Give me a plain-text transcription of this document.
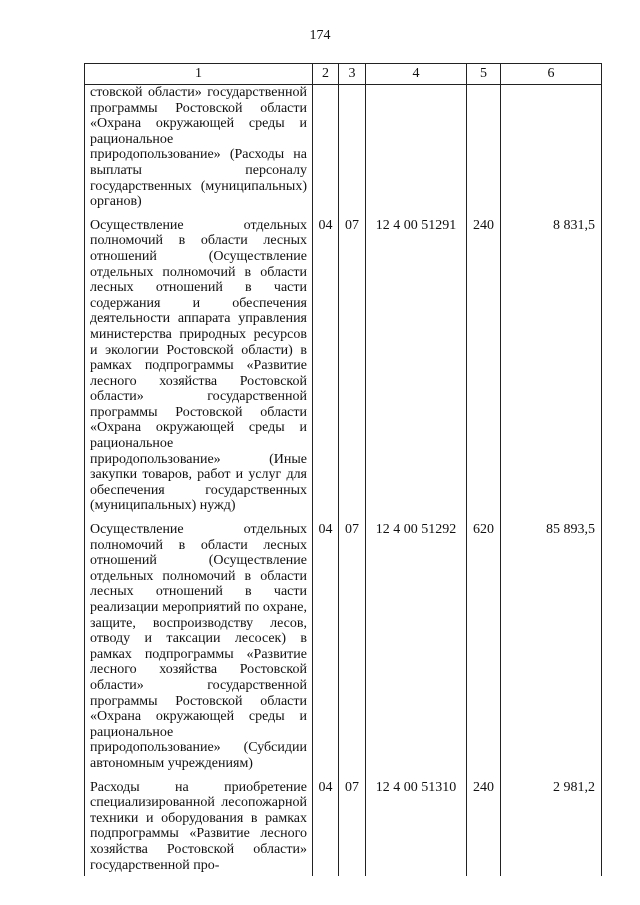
174
1	2	3	4	5	6
стовской области» государственной программы Ростовской области «Охрана окружающей среды и рациональное природопользование» (Расходы на выплаты персоналу государственных (муниципальных) органов)					
Осуществление отдельных полномочий в области лесных отношений (Осуществление отдельных полномочий в области лесных отношений в части содержания и обеспечения деятельности аппарата управления министерства природных ресурсов и экологии Ростовской области) в рамках подпрограммы «Развитие лесного хозяйства Ростовской области» государственной программы Ростовской области «Охрана окружающей среды и рациональное природопользование» (Иные закупки товаров, работ и услуг для обеспечения государственных (муниципальных) нужд)	04	07	12 4 00 51291	240	8 831,5
Осуществление отдельных полномочий в области лесных отношений (Осуществление отдельных полномочий в области лесных отношений в части реализации мероприятий по охране, защите, воспроизводству лесов, отводу и таксации лесосек) в рамках подпрограммы «Развитие лесного хозяйства Ростовской области» государственной программы Ростовской области «Охрана окружающей среды и рациональное природопользование» (Субсидии автономным учреждениям)	04	07	12 4 00 51292	620	85 893,5
Расходы на приобретение специализированной лесопожарной техники и оборудования в рамках подпрограммы «Развитие лесного хозяйства Ростовской области» государственной про-	04	07	12 4 00 51310	240	2 981,2
